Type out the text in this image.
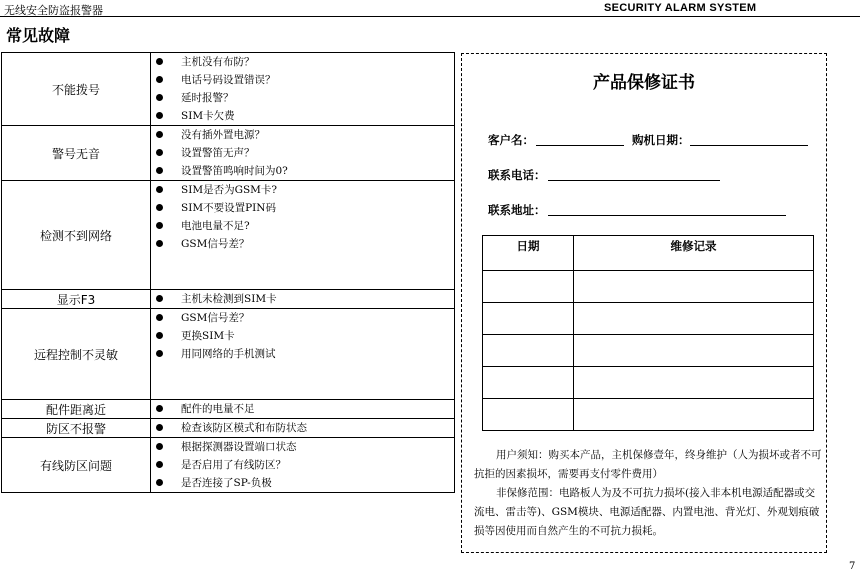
无线安全防盗报警器	SECURITY ALARM SYSTEM
常见故障
不能拨号	主机没有布防？
电话号码设置错误？
延时报警？
SIM卡欠费

警号无音	没有插外置电源？
设置警笛无声？
设置警笛鸣响时间为0?

检测不到网络	SIM是否为GSM卡?
SIM不要设置PIN码
电池电量不足?
GSM信号差？

显示F3	主机未检测到SIM卡

远程控制不灵敏	GSM信号差？
更换SIM卡
用同网络的手机测试

配件距离近	配件的电量不足

防区不报警	检查该防区模式和布防状态

有线防区问题	根据探测器设置端口状态
是否启用了有线防区？
是否连接了SP-负极
产品保修证书
客户名：	购机日期：
联系电话：
联系地址：
日期	维修记录

用户须知：购买本产品，主机保修壹年，终身维护（人为损坏或者不可抗拒的因素损坏，需要再支付零件费用）

非保修范围：电路板人为及不可抗力损坏(接入非本机电源适配器或交流电、雷击等)、GSM模块、电源适配器、内置电池、背光灯、外观划痕破损等因使用而自然产生的不可抗力损耗。

7
